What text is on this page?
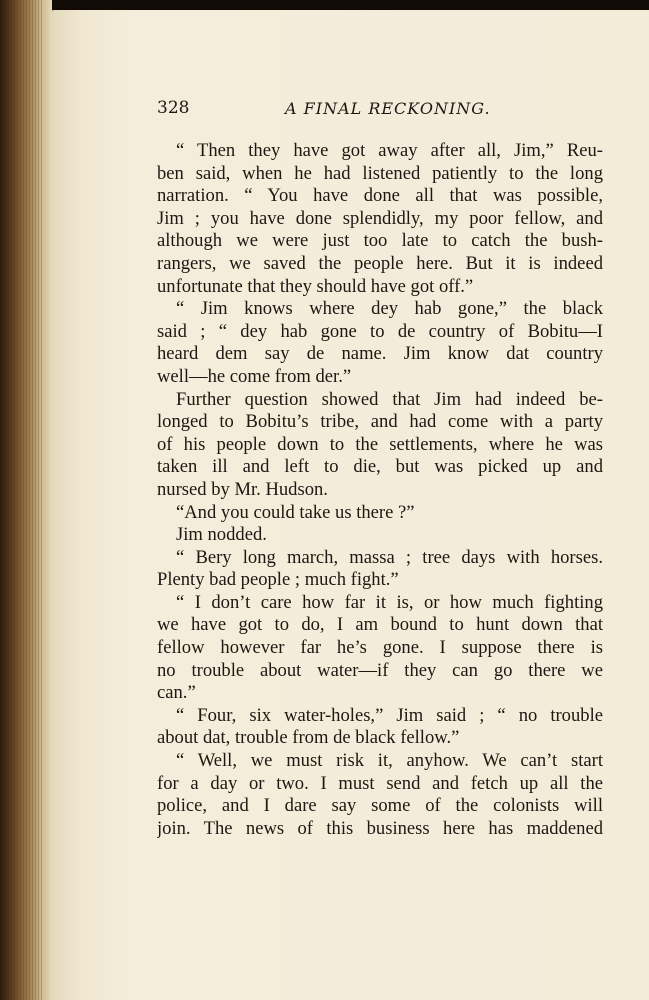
328	A FINAL RECKONING.
“ Then they have got away after all, Jim,” Reu-
ben said, when he had listened patiently to the long
narration. “ You have done all that was possible,
Jim ; you have done splendidly, my poor fellow, and
although we were just too late to catch the bush-
rangers, we saved the people here. But it is indeed
unfortunate that they should have got off.”
“ Jim knows where dey hab gone,” the black
said ; “ dey hab gone to de country of Bobitu—I
heard dem say de name. Jim know dat country
well—he come from der.”
Further question showed that Jim had indeed be-
longed to Bobitu’s tribe, and had come with a party
of his people down to the settlements, where he was
taken ill and left to die, but was picked up and
nursed by Mr. Hudson.
“And you could take us there ?”
Jim nodded.
“ Bery long march, massa ; tree days with horses.
Plenty bad people ; much fight.”
“ I don’t care how far it is, or how much fighting
we have got to do, I am bound to hunt down that
fellow however far he’s gone. I suppose there is
no trouble about water—if they can go there we
can.”
“ Four, six water-holes,” Jim said ; “ no trouble
about dat, trouble from de black fellow.”
“ Well, we must risk it, anyhow. We can’t start
for a day or two. I must send and fetch up all the
police, and I dare say some of the colonists will
join. The news of this business here has maddened
